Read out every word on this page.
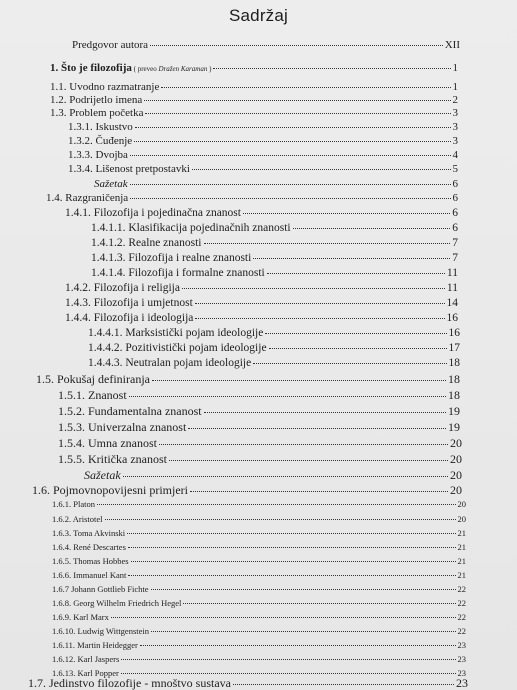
Sadržaj
Predgovor autora	XII
1. Što je filozofija ( preveo Dražen Karaman )	1
1.1. Uvodno razmatranje	1
1.2. Podrijetlo imena	2
1.3. Problem početka	3
1.3.1. Iskustvo	3
1.3.2. Čuđenje	3
1.3.3. Dvojba	4
1.3.4. Lišenost pretpostavki	5
Sažetak	6
1.4. Razgraničenja	6
1.4.1. Filozofija i pojedinačna znanost	6
1.4.1.1. Klasifikacija pojedinačnih znanosti	6
1.4.1.2. Realne znanosti	7
1.4.1.3. Filozofija i realne znanosti	7
1.4.1.4. Filozofija i formalne znanosti	11
1.4.2. Filozofija i religija	11
1.4.3. Filozofija i umjetnost	14
1.4.4. Filozofija i ideologija	16
1.4.4.1. Marksistički pojam ideologije	16
1.4.4.2. Pozitivistički pojam ideologije	17
1.4.4.3. Neutralan pojam ideologije	18
1.5. Pokušaj definiranja	18
1.5.1. Znanost	18
1.5.2. Fundamentalna znanost	19
1.5.3. Univerzalna znanost	19
1.5.4. Umna znanost	20
1.5.5. Kritička znanost	20
Sažetak	20
1.6. Pojmovnopovijesni primjeri	20
1.6.1. Platon	20
1.6.2. Aristotel	20
1.6.3. Toma Akvinski	21
1.6.4. René Descartes	21
1.6.5. Thomas Hobbes	21
1.6.6. Immanuel Kant	21
1.6.7 Johann Gottlieb Fichte	22
1.6.8. Georg Wilhelm Friedrich Hegel	22
1.6.9. Karl Marx	22
1.6.10. Ludwig Wittgenstein	22
1.6.11. Martin Heidegger	23
1.6.12. Karl Jaspers	23
1.6.13. Karl Popper	23
1.7. Jedinstvo filozofije - mnoštvo sustava	23
